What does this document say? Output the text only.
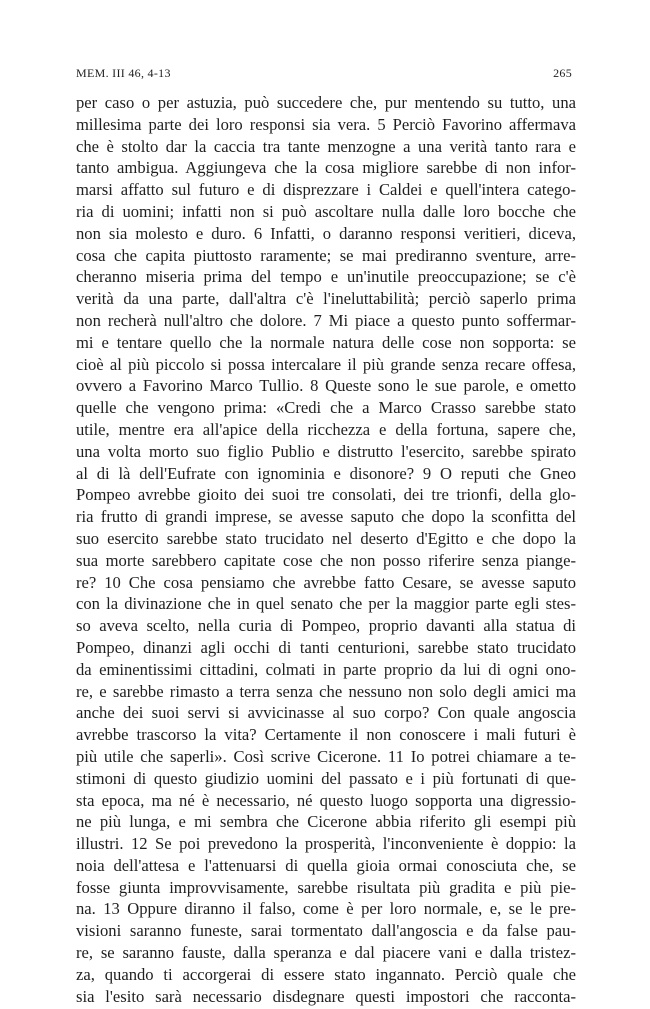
MEM. III 46, 4-13	265
per caso o per astuzia, può succedere che, pur mentendo su tutto, una
millesima parte dei loro responsi sia vera. 5 Perciò Favorino affermava
che è stolto dar la caccia tra tante menzogne a una verità tanto rara e
tanto ambigua. Aggiungeva che la cosa migliore sarebbe di non infor-
marsi affatto sul futuro e di disprezzare i Caldei e quell'intera catego-
ria di uomini; infatti non si può ascoltare nulla dalle loro bocche che
non sia molesto e duro. 6 Infatti, o daranno responsi veritieri, diceva,
cosa che capita piuttosto raramente; se mai prediranno sventure, arre-
cheranno miseria prima del tempo e un'inutile preoccupazione; se c'è
verità da una parte, dall'altra c'è l'ineluttabilità; perciò saperlo prima
non recherà null'altro che dolore. 7 Mi piace a questo punto soffermar-
mi e tentare quello che la normale natura delle cose non sopporta: se
cioè al più piccolo si possa intercalare il più grande senza recare offesa,
ovvero a Favorino Marco Tullio. 8 Queste sono le sue parole, e ometto
quelle che vengono prima: «Credi che a Marco Crasso sarebbe stato
utile, mentre era all'apice della ricchezza e della fortuna, sapere che,
una volta morto suo figlio Publio e distrutto l'esercito, sarebbe spirato
al di là dell'Eufrate con ignominia e disonore? 9 O reputi che Gneo
Pompeo avrebbe gioito dei suoi tre consolati, dei tre trionfi, della glo-
ria frutto di grandi imprese, se avesse saputo che dopo la sconfitta del
suo esercito sarebbe stato trucidato nel deserto d'Egitto e che dopo la
sua morte sarebbero capitate cose che non posso riferire senza piange-
re? 10 Che cosa pensiamo che avrebbe fatto Cesare, se avesse saputo
con la divinazione che in quel senato che per la maggior parte egli stes-
so aveva scelto, nella curia di Pompeo, proprio davanti alla statua di
Pompeo, dinanzi agli occhi di tanti centurioni, sarebbe stato trucidato
da eminentissimi cittadini, colmati in parte proprio da lui di ogni ono-
re, e sarebbe rimasto a terra senza che nessuno non solo degli amici ma
anche dei suoi servi si avvicinasse al suo corpo? Con quale angoscia
avrebbe trascorso la vita? Certamente il non conoscere i mali futuri è
più utile che saperli». Così scrive Cicerone. 11 Io potrei chiamare a te-
stimoni di questo giudizio uomini del passato e i più fortunati di que-
sta epoca, ma né è necessario, né questo luogo sopporta una digressio-
ne più lunga, e mi sembra che Cicerone abbia riferito gli esempi più
illustri. 12 Se poi prevedono la prosperità, l'inconveniente è doppio: la
noia dell'attesa e l'attenuarsi di quella gioia ormai conosciuta che, se
fosse giunta improvvisamente, sarebbe risultata più gradita e più pie-
na. 13 Oppure diranno il falso, come è per loro normale, e, se le pre-
visioni saranno funeste, sarai tormentato dall'angoscia e da false pau-
re, se saranno fauste, dalla speranza e dal piacere vani e dalla tristez-
za, quando ti accorgerai di essere stato ingannato. Perciò quale che
sia l'esito sarà necessario disdegnare questi impostori che racconta-
